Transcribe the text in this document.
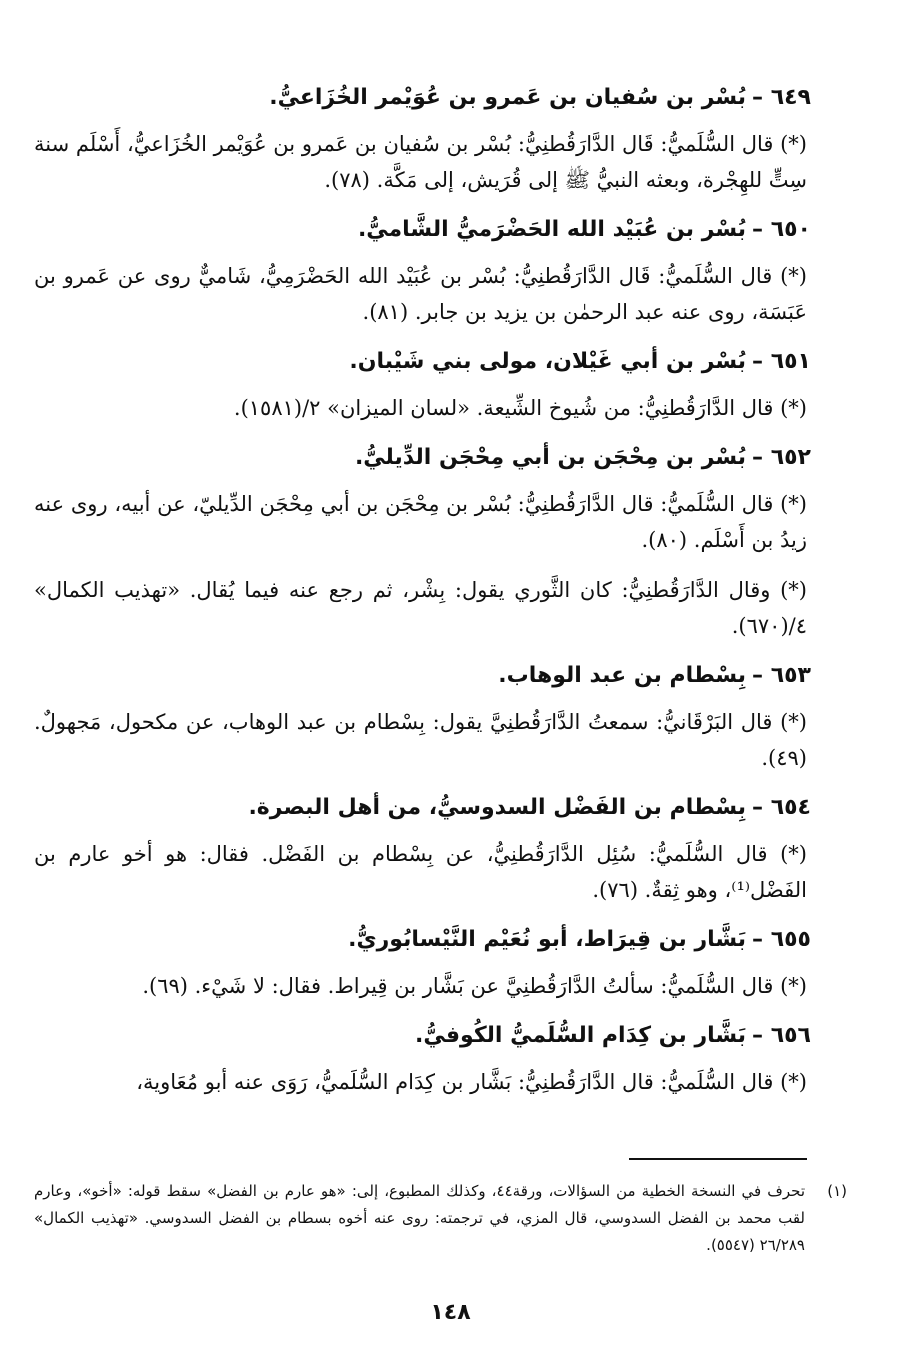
٦٤٩ –بُسْر بن سُفيان بن عَمرو بن عُوَيْمر الخُزَاعيُّ.

(*) قال السُّلَميُّ: قَال الدَّارَقُطنِيُّ: بُسْر بن سُفيان بن عَمرو بن عُوَيْمر الخُزَاعيُّ، أَسْلَم سنة سِتٍّ للهِجْرة، وبعثه النبيُّ ﷺ إلى قُرَيش، إلى مَكَّة. (٧٨).

٦٥٠ –بُسْر بن عُبَيْد الله الحَضْرَميُّ الشَّاميُّ.

(*) قال السُّلَميُّ: قَال الدَّارَقُطنِيُّ: بُسْر بن عُبَيْد الله الحَضْرَمِيُّ، شَاميٌّ روى عن عَمرو بن عَبَسَة، روى عنه عبد الرحمٰن بن يزيد بن جابر. (٨١).

٦٥١ –بُسْر بن أبي غَيْلان، مولى بني شَيْبان.

(*) قال الدَّارَقُطنِيُّ: من شُيوخ الشِّيعة. «لسان الميزان» ٢/(١٥٨١).

٦٥٢ –بُسْر بن مِحْجَن بن أبي مِحْجَن الدِّيليُّ.

(*) قال السُّلَميُّ: قال الدَّارَقُطنِيُّ: بُسْر بن مِحْجَن بن أبي مِحْجَن الدِّيليّ، عن أبيه، روى عنه زيدُ بن أَسْلَم. (٨٠).

(*) وقال الدَّارَقُطنِيُّ: كان الثَّوري يقول: بِشْر، ثم رجع عنه فيما يُقال. «تهذيب الكمال» ٤/(٦٧٠).

٦٥٣ –بِسْطام بن عبد الوهاب.

(*) قال البَرْقَانيُّ: سمعتُ الدَّارَقُطنِيَّ يقول: بِسْطام بن عبد الوهاب، عن مكحول، مَجهولٌ. (٤٩).

٦٥٤ –بِسْطام بن الفَضْل السدوسيُّ، من أهل البصرة.

(*) قال السُّلَميُّ: سُئِل الدَّارَقُطنِيُّ، عن بِسْطام بن الفَضْل. فقال: هو أخو عارم بن الفَضْل⁽¹⁾، وهو ثِقةٌ. (٧٦).

٦٥٥ –بَشَّار بن قِيرَاط، أبو نُعَيْم النَّيْسابُوريُّ.

(*) قال السُّلَميُّ: سألتُ الدَّارَقُطنِيَّ عن بَشَّار بن قِيراط. فقال: لا شَيْء. (٦٩).

٦٥٦ –بَشَّار بن كِدَام السُّلَميُّ الكُوفيُّ.

(*) قال السُّلَميُّ: قال الدَّارَقُطنِيُّ: بَشَّار بن كِدَام السُّلَميُّ، رَوَى عنه أبو مُعَاوية،

(١)
تحرف في النسخة الخطية من السؤالات، ورقة٤٤، وكذلك المطبوع، إلى: «هو عارم بن الفضل» سقط قوله: «أخو»، وعارم لقب محمد بن الفضل السدوسي، قال المزي، في ترجمته: روى عنه أخوه بسطام بن الفضل السدوسي. «تهذيب الكمال» ٢٦/٢٨٩ (٥٥٤٧).
١٤٨
